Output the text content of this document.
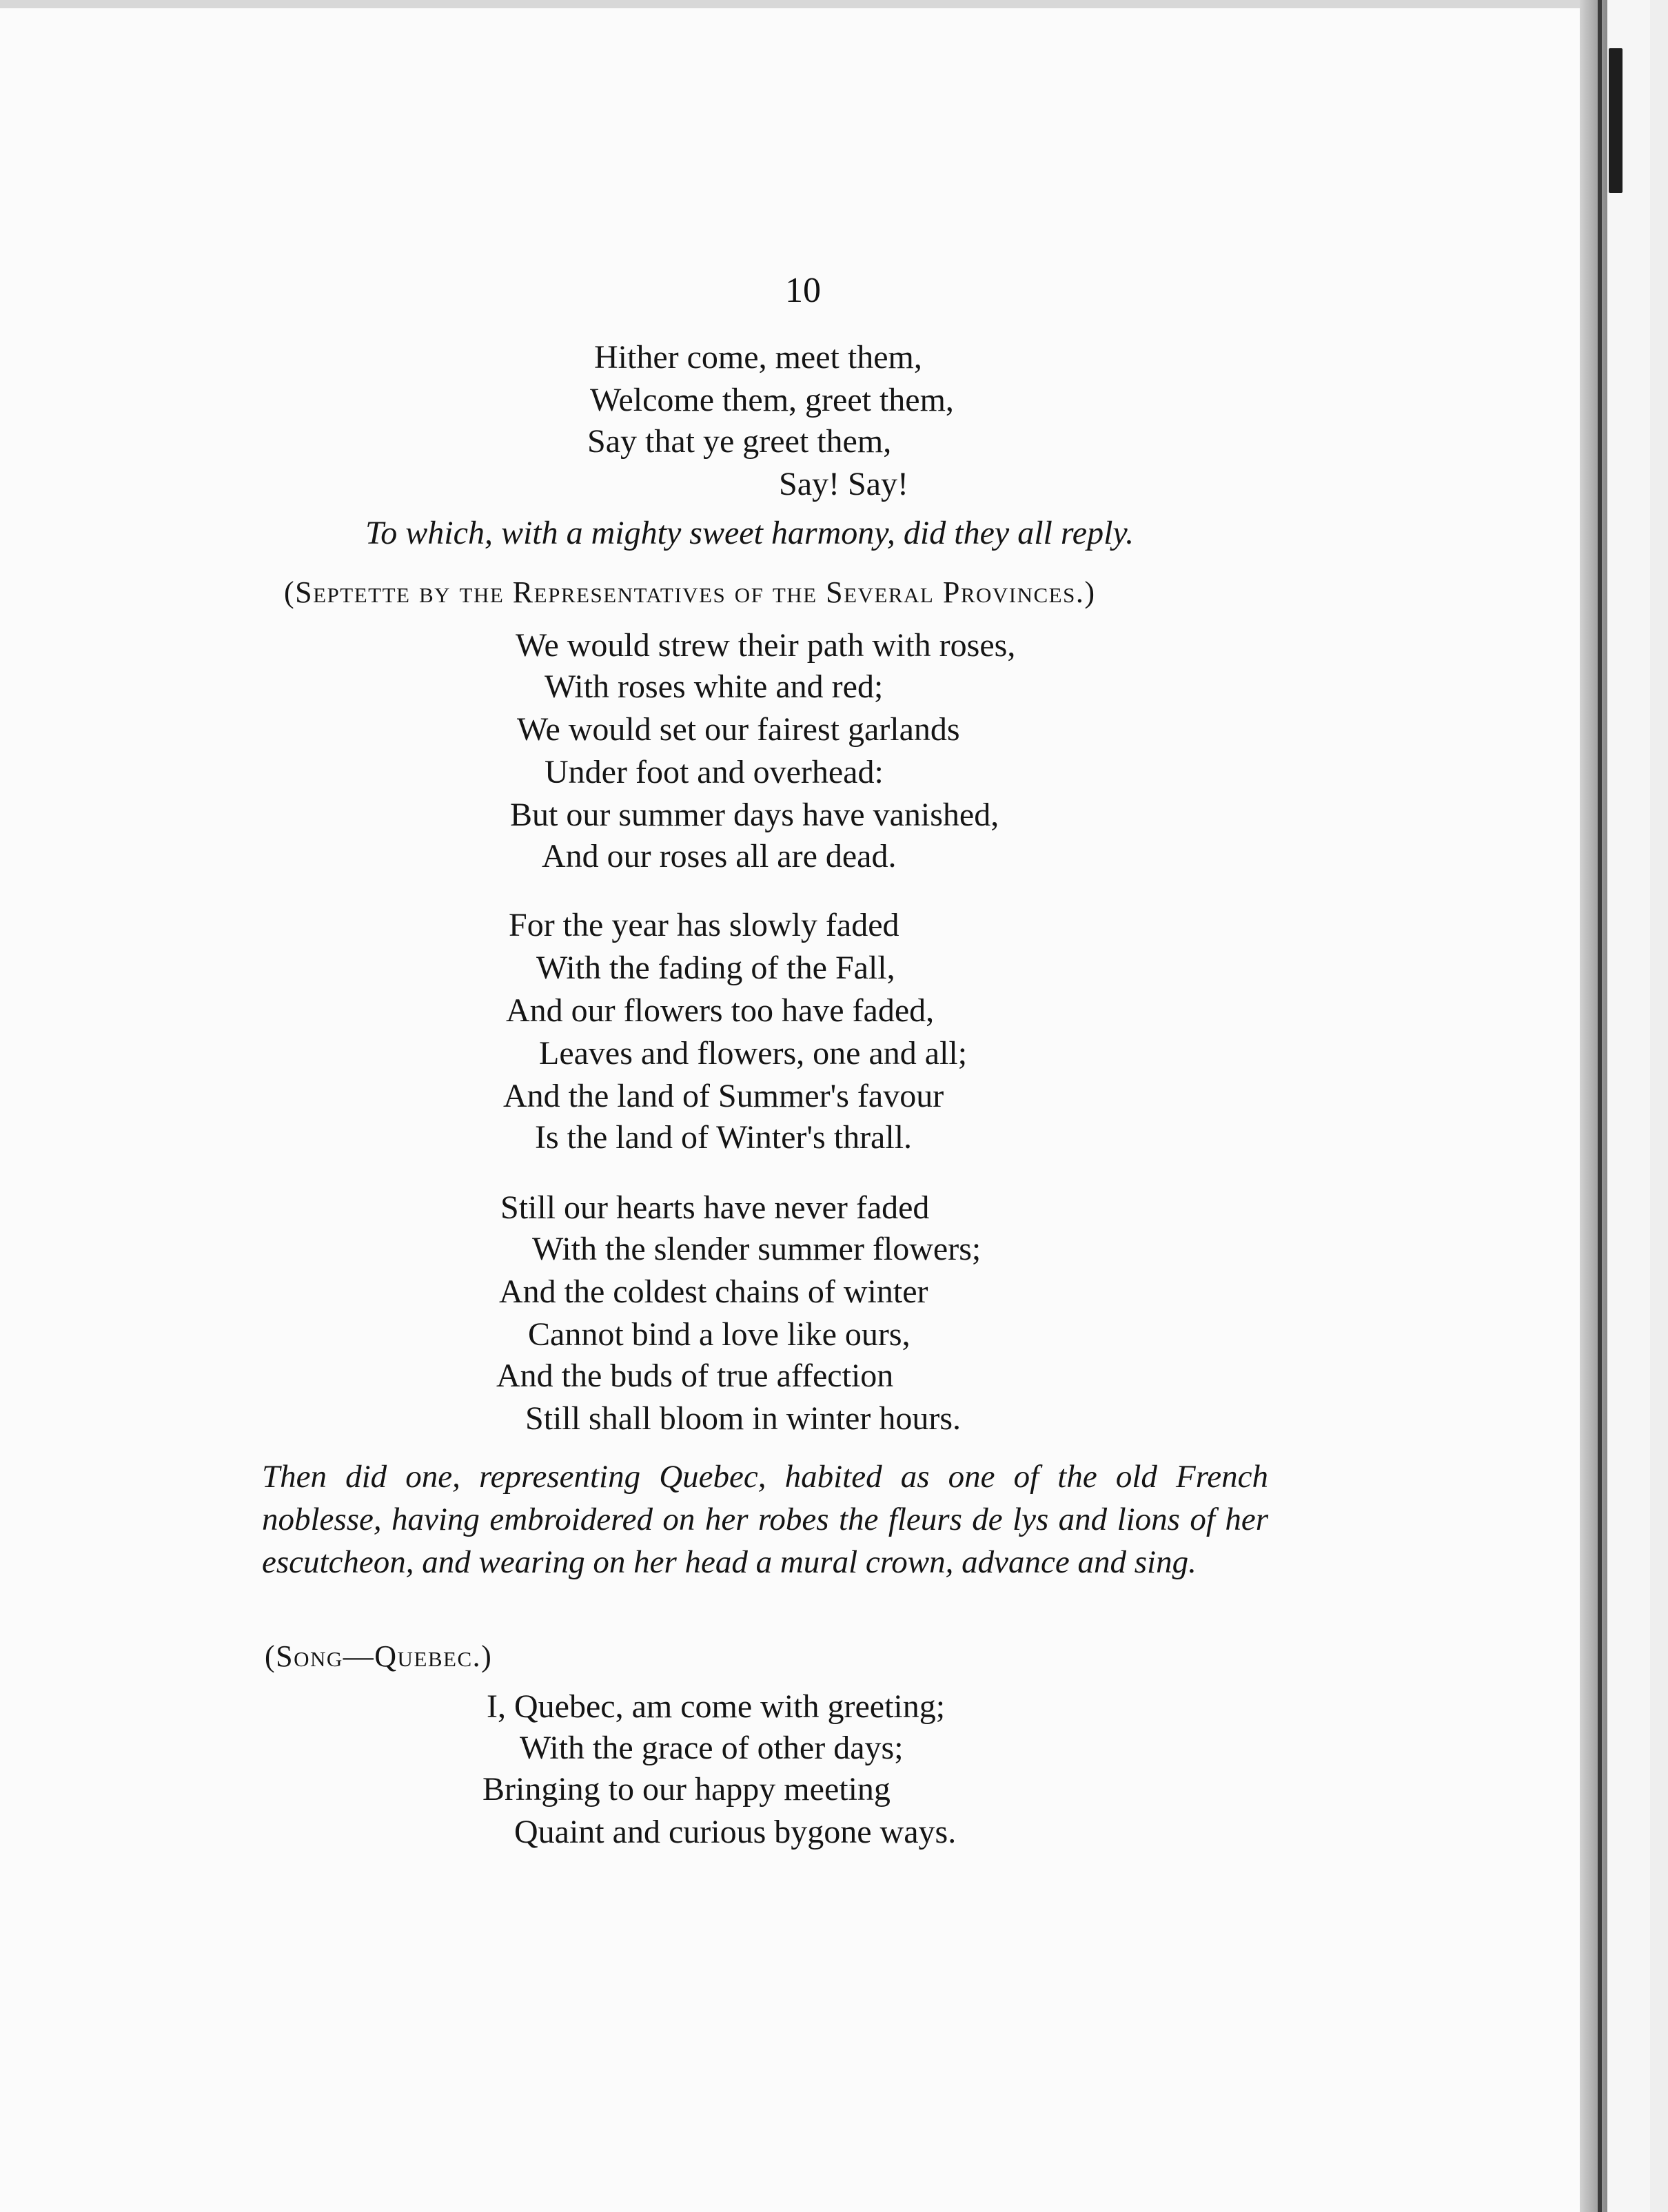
10
Hither come, meet them,
Welcome them, greet them,
Say that ye greet them,
Say! Say!

To which, with a mighty sweet harmony, did they all reply.

(Septette by the Representatives of the Several Provinces.)

We would strew their path with roses,
With roses white and red;
We would set our fairest garlands
Under foot and overhead:
But our summer days have vanished,
And our roses all are dead.
For the year has slowly faded
With the fading of the Fall,
And our flowers too have faded,
Leaves and flowers, one and all;
And the land of Summer's favour
Is the land of Winter's thrall.
Still our hearts have never faded
With the slender summer flowers;
And the coldest chains of winter
Cannot bind a love like ours,
And the buds of true affection
Still shall bloom in winter hours.

Then did one, representing Quebec, habited as one of the old French noblesse, having embroidered on her robes the fleurs de lys and lions of her escutcheon, and wearing on her head a mural crown, advance and sing.

(Song—Quebec.)

I, Quebec, am come with greeting;
With the grace of other days;
Bringing to our happy meeting
Quaint and curious bygone ways.
